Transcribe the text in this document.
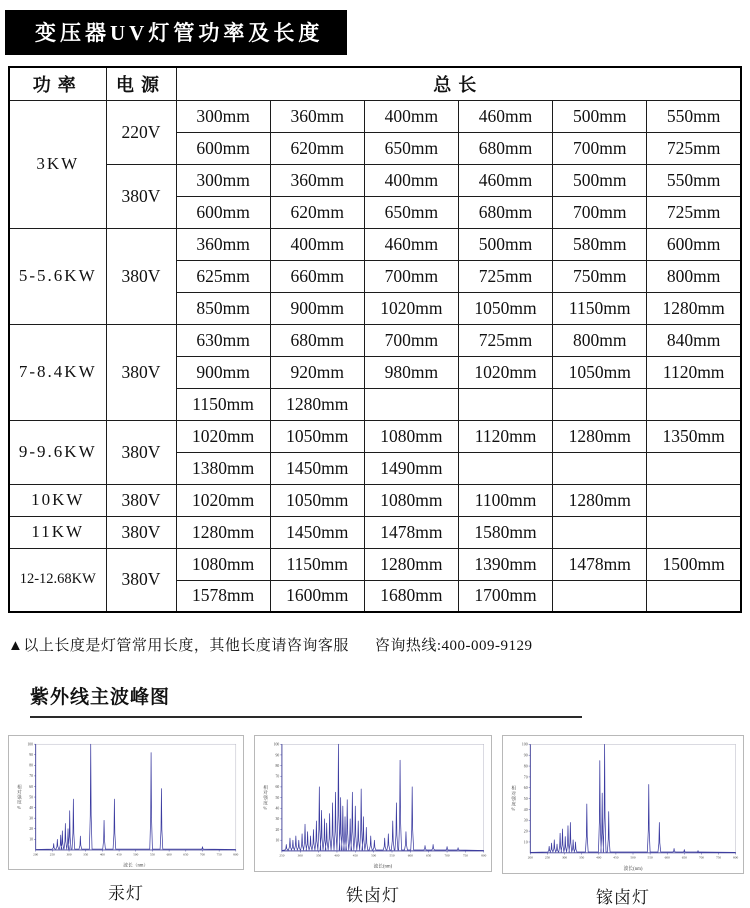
变压器UV灯管功率及长度
功率	电源	总长					
3KW	220V	300mm	360mm	400mm	460mm	500mm	550mm
		600mm	620mm	650mm	680mm	700mm	725mm
	380V	300mm	360mm	400mm	460mm	500mm	550mm
		600mm	620mm	650mm	680mm	700mm	725mm
5-5.6KW	380V	360mm	400mm	460mm	500mm	580mm	600mm
		625mm	660mm	700mm	725mm	750mm	800mm
		850mm	900mm	1020mm	1050mm	1150mm	1280mm
7-8.4KW	380V	630mm	680mm	700mm	725mm	800mm	840mm
		900mm	920mm	980mm	1020mm	1050mm	1120mm
		1150mm	1280mm				
9-9.6KW	380V	1020mm	1050mm	1080mm	1120mm	1280mm	1350mm
		1380mm	1450mm	1490mm			
10KW	380V	1020mm	1050mm	1080mm	1100mm	1280mm	
11KW	380V	1280mm	1450mm	1478mm	1580mm		
12-12.68KW	380V	1080mm	1150mm	1280mm	1390mm	1478mm	1500mm
		1578mm	1600mm	1680mm	1700mm		
▲以上长度是灯管常用长度，其他长度请咨询客服 咨询热线:400-009-9129
紫外线主波峰图
10
20
30
40
50
60
70
80
90
100
200	250	300	350	400	450	500	550	600	650	700	750	800
波长（nm）
相对强度%
汞灯
10
20
30
40
50
60
70
80
90
100
250	300	350	400	450	500	550	600	650	700	750	800
波长(nm)
相对强度%
铁卤灯
10
20
30
40
50
60
70
80
90
100
200	250	300	350	400	450	500	550	600	650	700	750	800
波长(nm)
相对强度%
镓卤灯
